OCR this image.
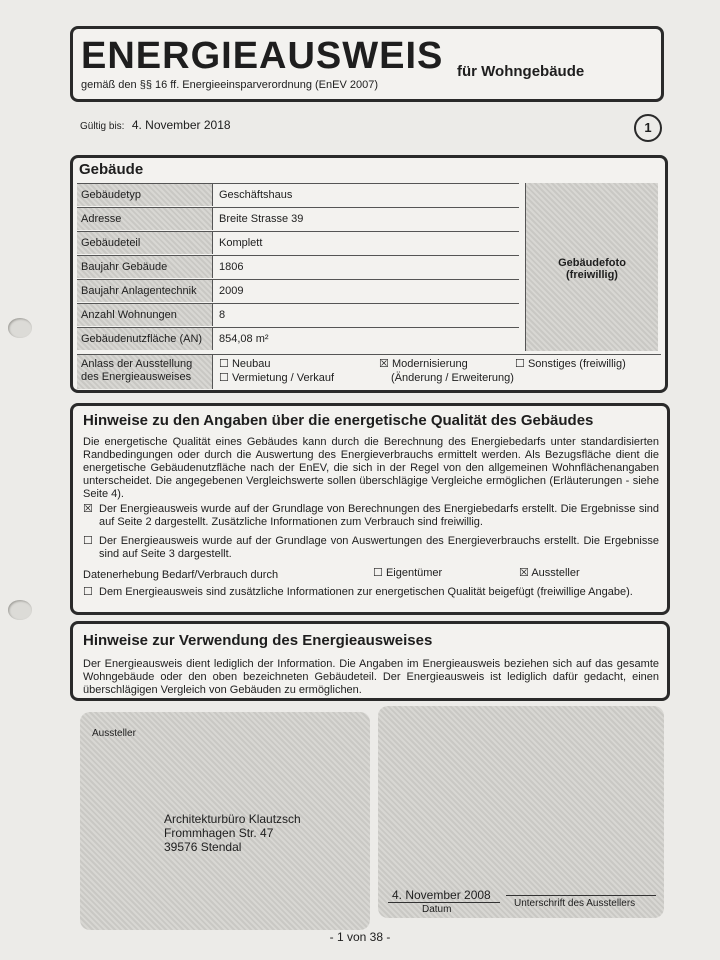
ENERGIEAUSWEIS für Wohngebäude
gemäß den §§ 16 ff. Energieeinsparverordnung (EnEV 2007)
Gültig bis: 4. November 2018	1
Gebäude
Gebäudetyp	Geschäftshaus
Adresse	Breite Strasse 39
Gebäudeteil	Komplett
Baujahr Gebäude	1806
Baujahr Anlagentechnik	2009
Anzahl Wohnungen	8
Gebäudenutzfläche (AN)	854,08 m²
Gebäudefoto
(freiwillig)
Anlass der Ausstellung
des Energieausweises
☐ Neubau
☐ Vermietung / Verkauf
☒ Modernisierung
(Änderung / Erweiterung)
☐ Sonstiges (freiwillig)
Hinweise zu den Angaben über die energetische Qualität des Gebäudes
Die energetische Qualität eines Gebäudes kann durch die Berechnung des Energiebedarfs unter standardisierten Randbedingungen oder durch die Auswertung des Energieverbrauchs ermittelt werden. Als Bezugsfläche dient die energetische Gebäudenutzfläche nach der EnEV, die sich in der Regel von den allgemeinen Wohnflächenangaben unterscheidet. Die angegebenen Vergleichswerte sollen überschlägige Vergleiche ermöglichen (Erläuterungen - siehe Seite 4).
☒ Der Energieausweis wurde auf der Grundlage von Berechnungen des Energiebedarfs erstellt. Die Ergebnisse sind auf Seite 2 dargestellt. Zusätzliche Informationen zum Verbrauch sind freiwillig.
☐ Der Energieausweis wurde auf der Grundlage von Auswertungen des Energieverbrauchs erstellt. Die Ergebnisse sind auf Seite 3 dargestellt.
Datenerhebung Bedarf/Verbrauch durch	☐ Eigentümer	☒ Aussteller
☐ Dem Energieausweis sind zusätzliche Informationen zur energetischen Qualität beigefügt (freiwillige Angabe).
Hinweise zur Verwendung des Energieausweises
Der Energieausweis dient lediglich der Information. Die Angaben im Energieausweis beziehen sich auf das gesamte Wohngebäude oder den oben bezeichneten Gebäudeteil. Der Energieausweis ist lediglich dafür gedacht, einen überschlägigen Vergleich von Gebäuden zu ermöglichen.
Aussteller
Architekturbüro Klautzsch
Frommhagen Str. 47
39576 Stendal
4. November 2008
Datum
Unterschrift des Ausstellers
- 1 von 38 -
